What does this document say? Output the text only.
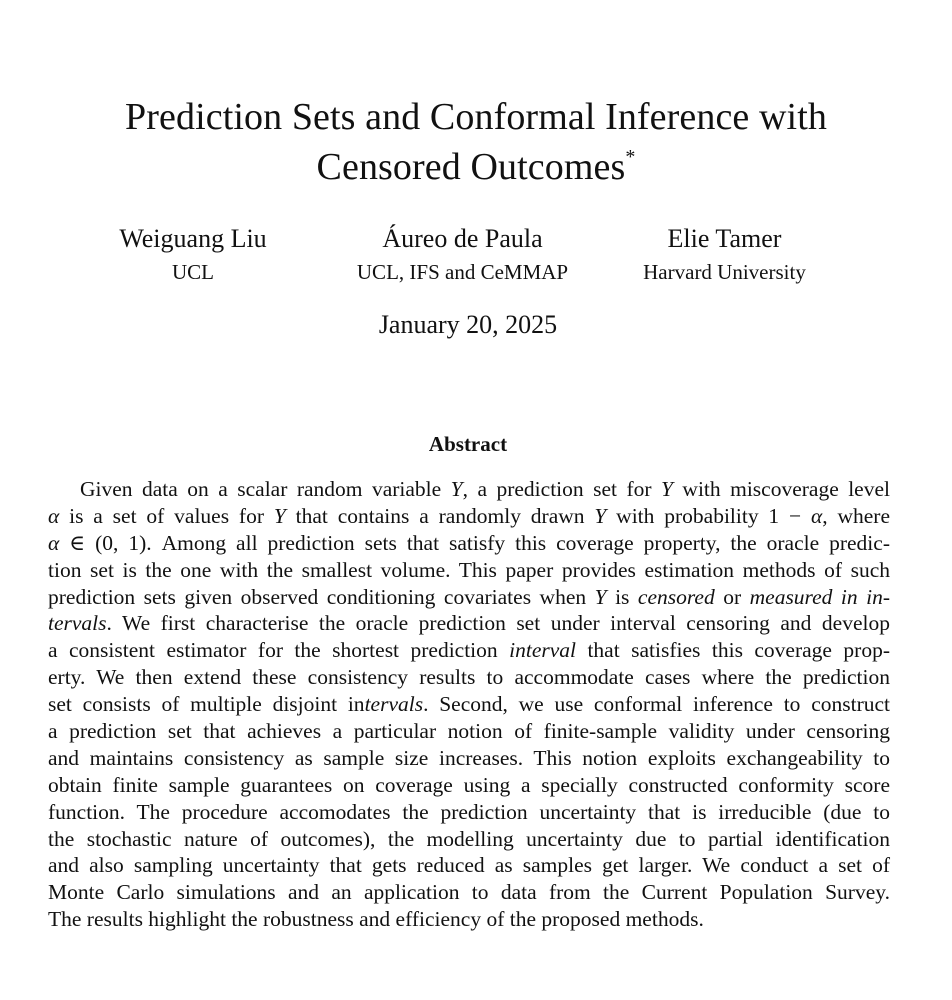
Prediction Sets and Conformal Inference with
Censored Outcomes*
Weiguang Liu
UCL
Áureo de Paula
UCL, IFS and CeMMAP
Elie Tamer
Harvard University
January 20, 2025
Abstract
Given data on a scalar random variable Y, a prediction set for Y with miscoverage level
α is a set of values for Y that contains a randomly drawn Y with probability 1 − α, where
α ∈ (0, 1). Among all prediction sets that satisfy this coverage property, the oracle predic-
tion set is the one with the smallest volume. This paper provides estimation methods of such
prediction sets given observed conditioning covariates when Y is censored or measured in in-
tervals. We first characterise the oracle prediction set under interval censoring and develop
a consistent estimator for the shortest prediction interval that satisfies this coverage prop-
erty. We then extend these consistency results to accommodate cases where the prediction
set consists of multiple disjoint intervals. Second, we use conformal inference to construct
a prediction set that achieves a particular notion of finite-sample validity under censoring
and maintains consistency as sample size increases. This notion exploits exchangeability to
obtain finite sample guarantees on coverage using a specially constructed conformity score
function. The procedure accomodates the prediction uncertainty that is irreducible (due to
the stochastic nature of outcomes), the modelling uncertainty due to partial identification
and also sampling uncertainty that gets reduced as samples get larger. We conduct a set of
Monte Carlo simulations and an application to data from the Current Population Survey.
The results highlight the robustness and efficiency of the proposed methods.
